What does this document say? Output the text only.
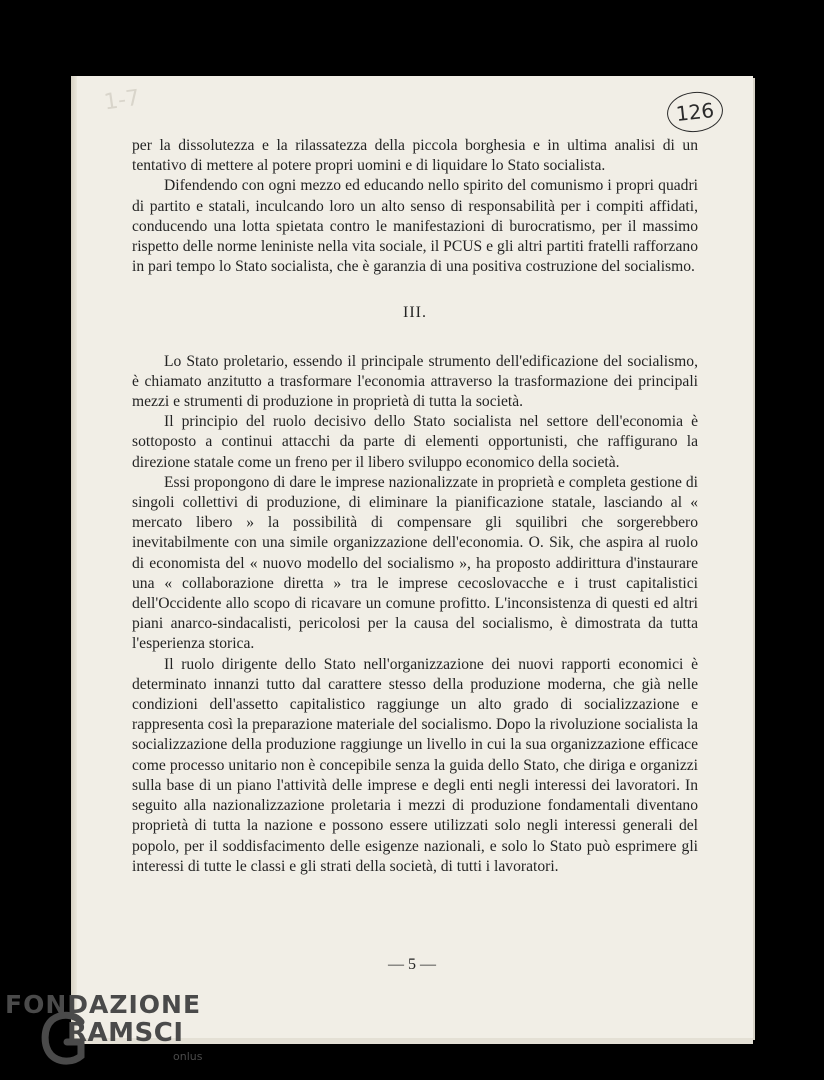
1-7	126

per la dissolutezza e la rilassatezza della piccola borghesia e in ultima analisi di un tentativo di mettere al potere propri uomini e di liquidare lo Stato socialista.

Difendendo con ogni mezzo ed educando nello spirito del comunismo i propri quadri di partito e statali, inculcando loro un alto senso di responsabilità per i compiti affidati, conducendo una lotta spietata contro le manifestazioni di burocratismo, per il massimo rispetto delle norme leniniste nella vita sociale, il PCUS e gli altri partiti fratelli rafforzano in pari tempo lo Stato socialista, che è garanzia di una positiva costruzione del socialismo.

III.

Lo Stato proletario, essendo il principale strumento dell'edificazione del socialismo, è chiamato anzitutto a trasformare l'economia attraverso la trasformazione dei principali mezzi e strumenti di produzione in proprietà di tutta la società.

Il principio del ruolo decisivo dello Stato socialista nel settore dell'economia è sottoposto a continui attacchi da parte di elementi opportunisti, che raffigurano la direzione statale come un freno per il libero sviluppo economico della società.

Essi propongono di dare le imprese nazionalizzate in proprietà e completa gestione di singoli collettivi di produzione, di eliminare la pianificazione statale, lasciando al « mercato libero » la possibilità di compensare gli squilibri che sorgerebbero inevitabilmente con una simile organizzazione dell'economia. O. Sik, che aspira al ruolo di economista del « nuovo modello del socialismo », ha proposto addirittura d'instaurare una « collaborazione diretta » tra le imprese cecoslovacche e i trust capitalistici dell'Occidente allo scopo di ricavare un comune profitto. L'inconsistenza di questi ed altri piani anarco-sindacalisti, pericolosi per la causa del socialismo, è dimostrata da tutta l'esperienza storica.

Il ruolo dirigente dello Stato nell'organizzazione dei nuovi rapporti economici è determinato innanzi tutto dal carattere stesso della produzione moderna, che già nelle condizioni dell'assetto capitalistico raggiunge un alto grado di socializzazione e rappresenta così la preparazione materiale del socialismo. Dopo la rivoluzione socialista la socializzazione della produzione raggiunge un livello in cui la sua organizzazione efficace come processo unitario non è concepibile senza la guida dello Stato, che diriga e organizzi sulla base di un piano l'attività delle imprese e degli enti negli interessi dei lavoratori. In seguito alla nazionalizzazione proletaria i mezzi di produzione fondamentali diventano proprietà di tutta la nazione e possono essere utilizzati solo negli interessi generali del popolo, per il soddisfacimento delle esigenze nazionali, e solo lo Stato può esprimere gli interessi di tutte le classi e gli strati della società, di tutti i lavoratori.

— 5 —
FONDAZIONE
RAMSCI
onlus
